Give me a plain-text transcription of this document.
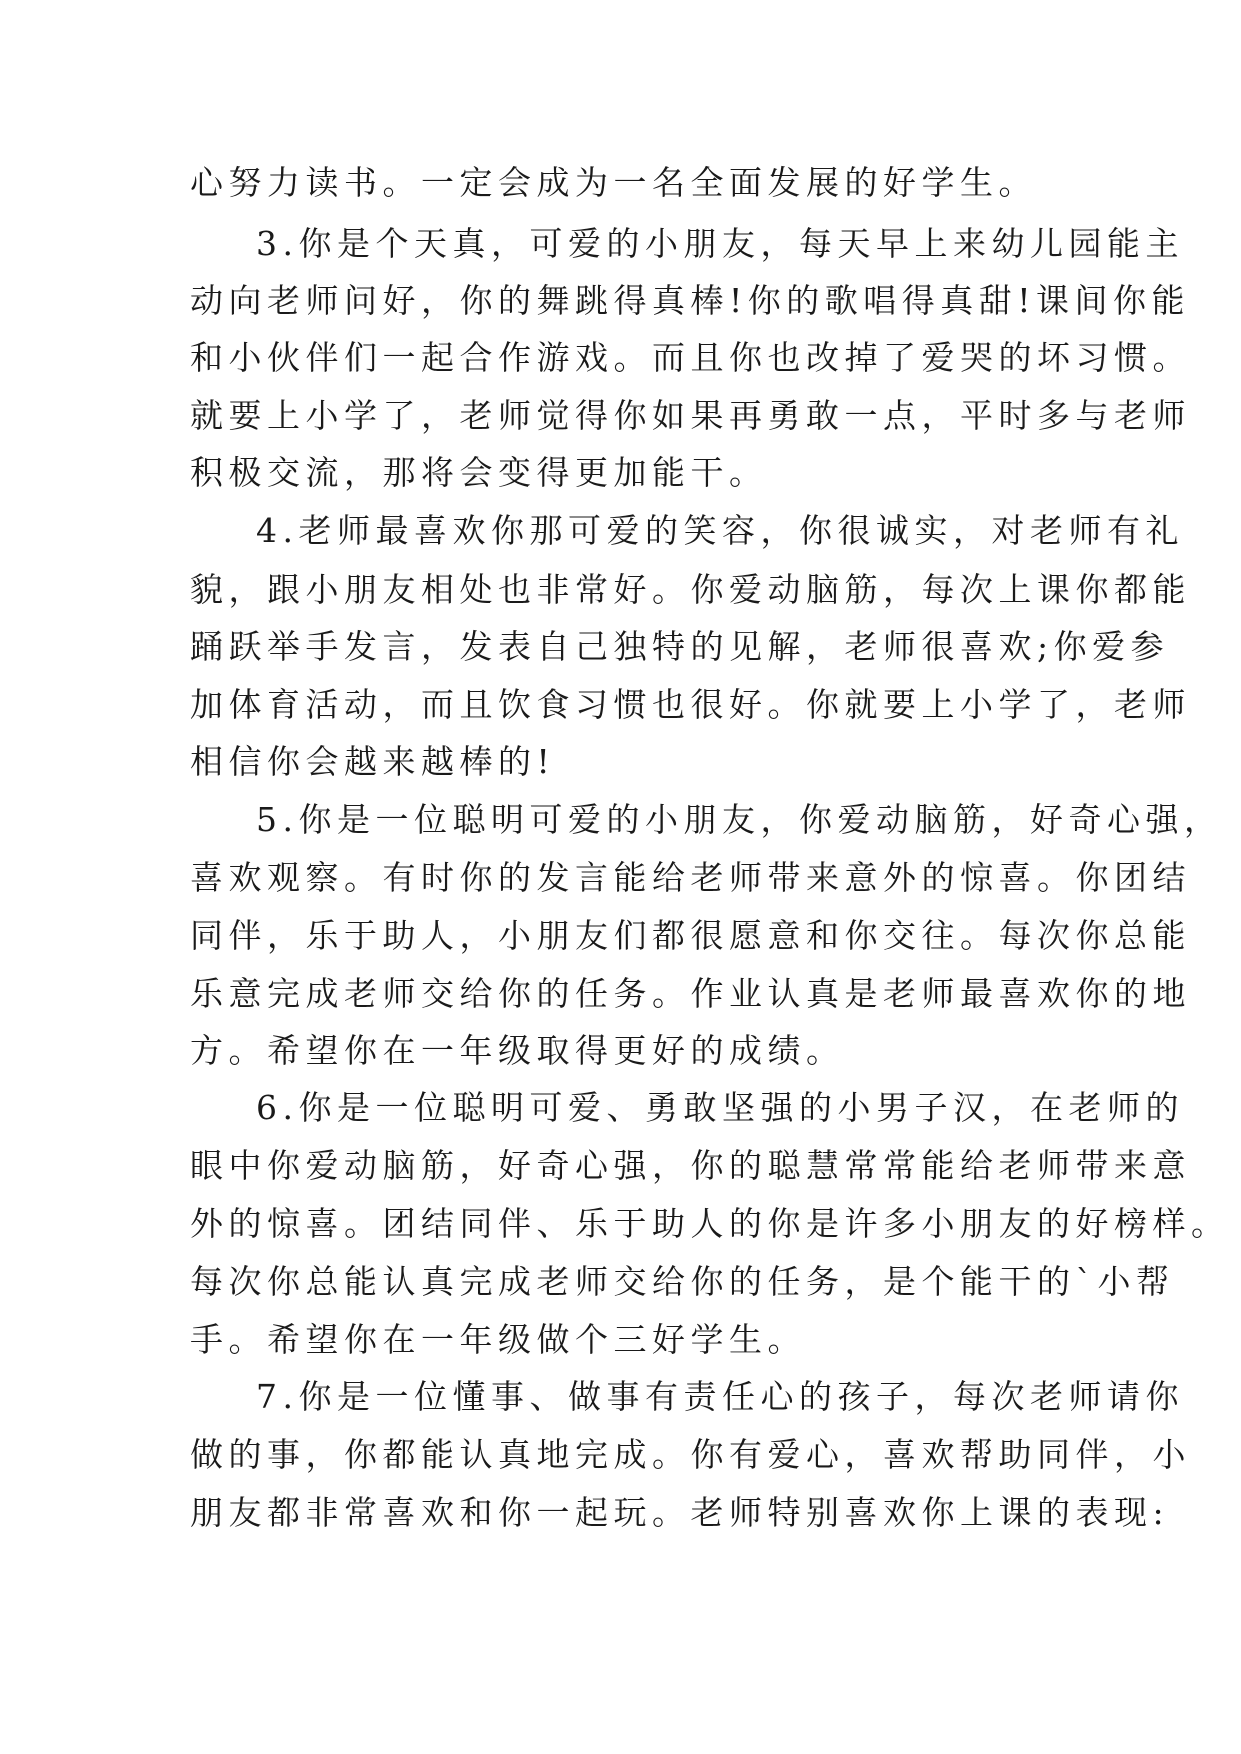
心努力读书。一定会成为一名全面发展的好学生。
3.你是个天真，可爱的小朋友，每天早上来幼儿园能主
动向老师问好，你的舞跳得真棒!你的歌唱得真甜!课间你能
和小伙伴们一起合作游戏。而且你也改掉了爱哭的坏习惯。
就要上小学了，老师觉得你如果再勇敢一点，平时多与老师
积极交流，那将会变得更加能干。
4.老师最喜欢你那可爱的笑容，你很诚实，对老师有礼
貌，跟小朋友相处也非常好。你爱动脑筋，每次上课你都能
踊跃举手发言，发表自己独特的见解，老师很喜欢;你爱参
加体育活动，而且饮食习惯也很好。你就要上小学了，老师
相信你会越来越棒的!
5.你是一位聪明可爱的小朋友，你爱动脑筋，好奇心强，
喜欢观察。有时你的发言能给老师带来意外的惊喜。你团结
同伴，乐于助人，小朋友们都很愿意和你交往。每次你总能
乐意完成老师交给你的任务。作业认真是老师最喜欢你的地
方。希望你在一年级取得更好的成绩。
6.你是一位聪明可爱、勇敢坚强的小男子汉，在老师的
眼中你爱动脑筋，好奇心强，你的聪慧常常能给老师带来意
外的惊喜。团结同伴、乐于助人的你是许多小朋友的好榜样。
每次你总能认真完成老师交给你的任务，是个能干的`小帮
手。希望你在一年级做个三好学生。
7.你是一位懂事、做事有责任心的孩子，每次老师请你
做的事，你都能认真地完成。你有爱心，喜欢帮助同伴，小
朋友都非常喜欢和你一起玩。老师特别喜欢你上课的表现:
